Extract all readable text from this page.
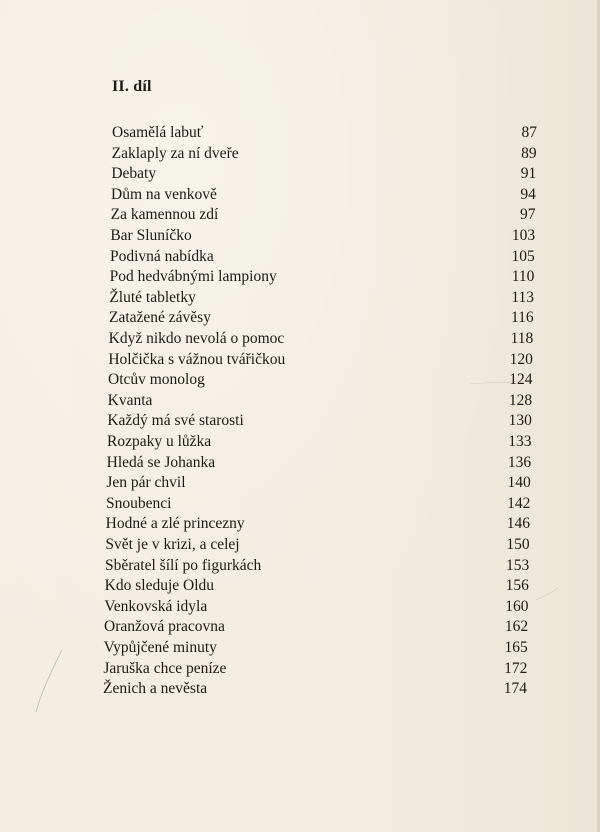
II. díl
Osamělá labuť	87
Zaklaply za ní dveře	89
Debaty	91
Dům na venkově	94
Za kamennou zdí	97
Bar Sluníčko	103
Podivná nabídka	105
Pod hedvábnými lampiony	110
Žluté tabletky	113
Zatažené závěsy	116
Když nikdo nevolá o pomoc	118
Holčička s vážnou tvářičkou	120
Otcův monolog	124
Kvanta	128
Každý má své starosti	130
Rozpaky u lůžka	133
Hledá se Johanka	136
Jen pár chvil	140
Snoubenci	142
Hodné a zlé princezny	146
Svět je v krizi, a celej	150
Sběratel šílí po figurkách	153
Kdo sleduje Oldu	156
Venkovská idyla	160
Oranžová pracovna	162
Vypůjčené minuty	165
Jaruška chce peníze	172
Ženich a nevěsta	174
